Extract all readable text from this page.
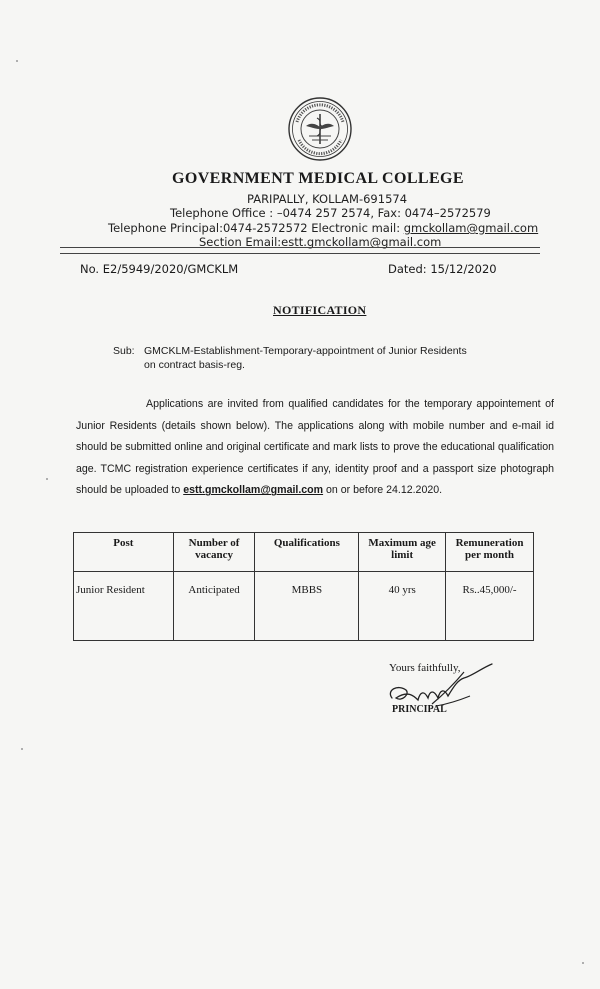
GOVERNMENT MEDICAL COLLEGE
PARIPALLY, KOLLAM-691574
Telephone Office : –0474 257 2574, Fax: 0474–2572579
Telephone Principal:0474-2572572 Electronic mail: gmckollam@gmail.com
Section Email:estt.gmckollam@gmail.com
No. E2/5949/2020/GMCKLM	Dated: 15/12/2020
NOTIFICATION
Sub: GMCKLM-Establishment-Temporary-appointment of Junior Residents
on contract basis-reg.
Applications are invited from qualified candidates for the temporary appointement of Junior Residents (details shown below). The applications along with mobile number and e-mail id should be submitted online and original certificate and mark lists to prove the educational qualification age. TCMC registration experience certificates if any, identity proof and a passport size photograph should be uploaded to estt.gmckollam@gmail.com on or before 24.12.2020.
Post	Number of vacancy	Qualifications	Maximum age limit	Remuneration per month
Junior Resident	Anticipated	MBBS	40 yrs	Rs..45,000/-
Yours faithfully,
PRINCIPAL
